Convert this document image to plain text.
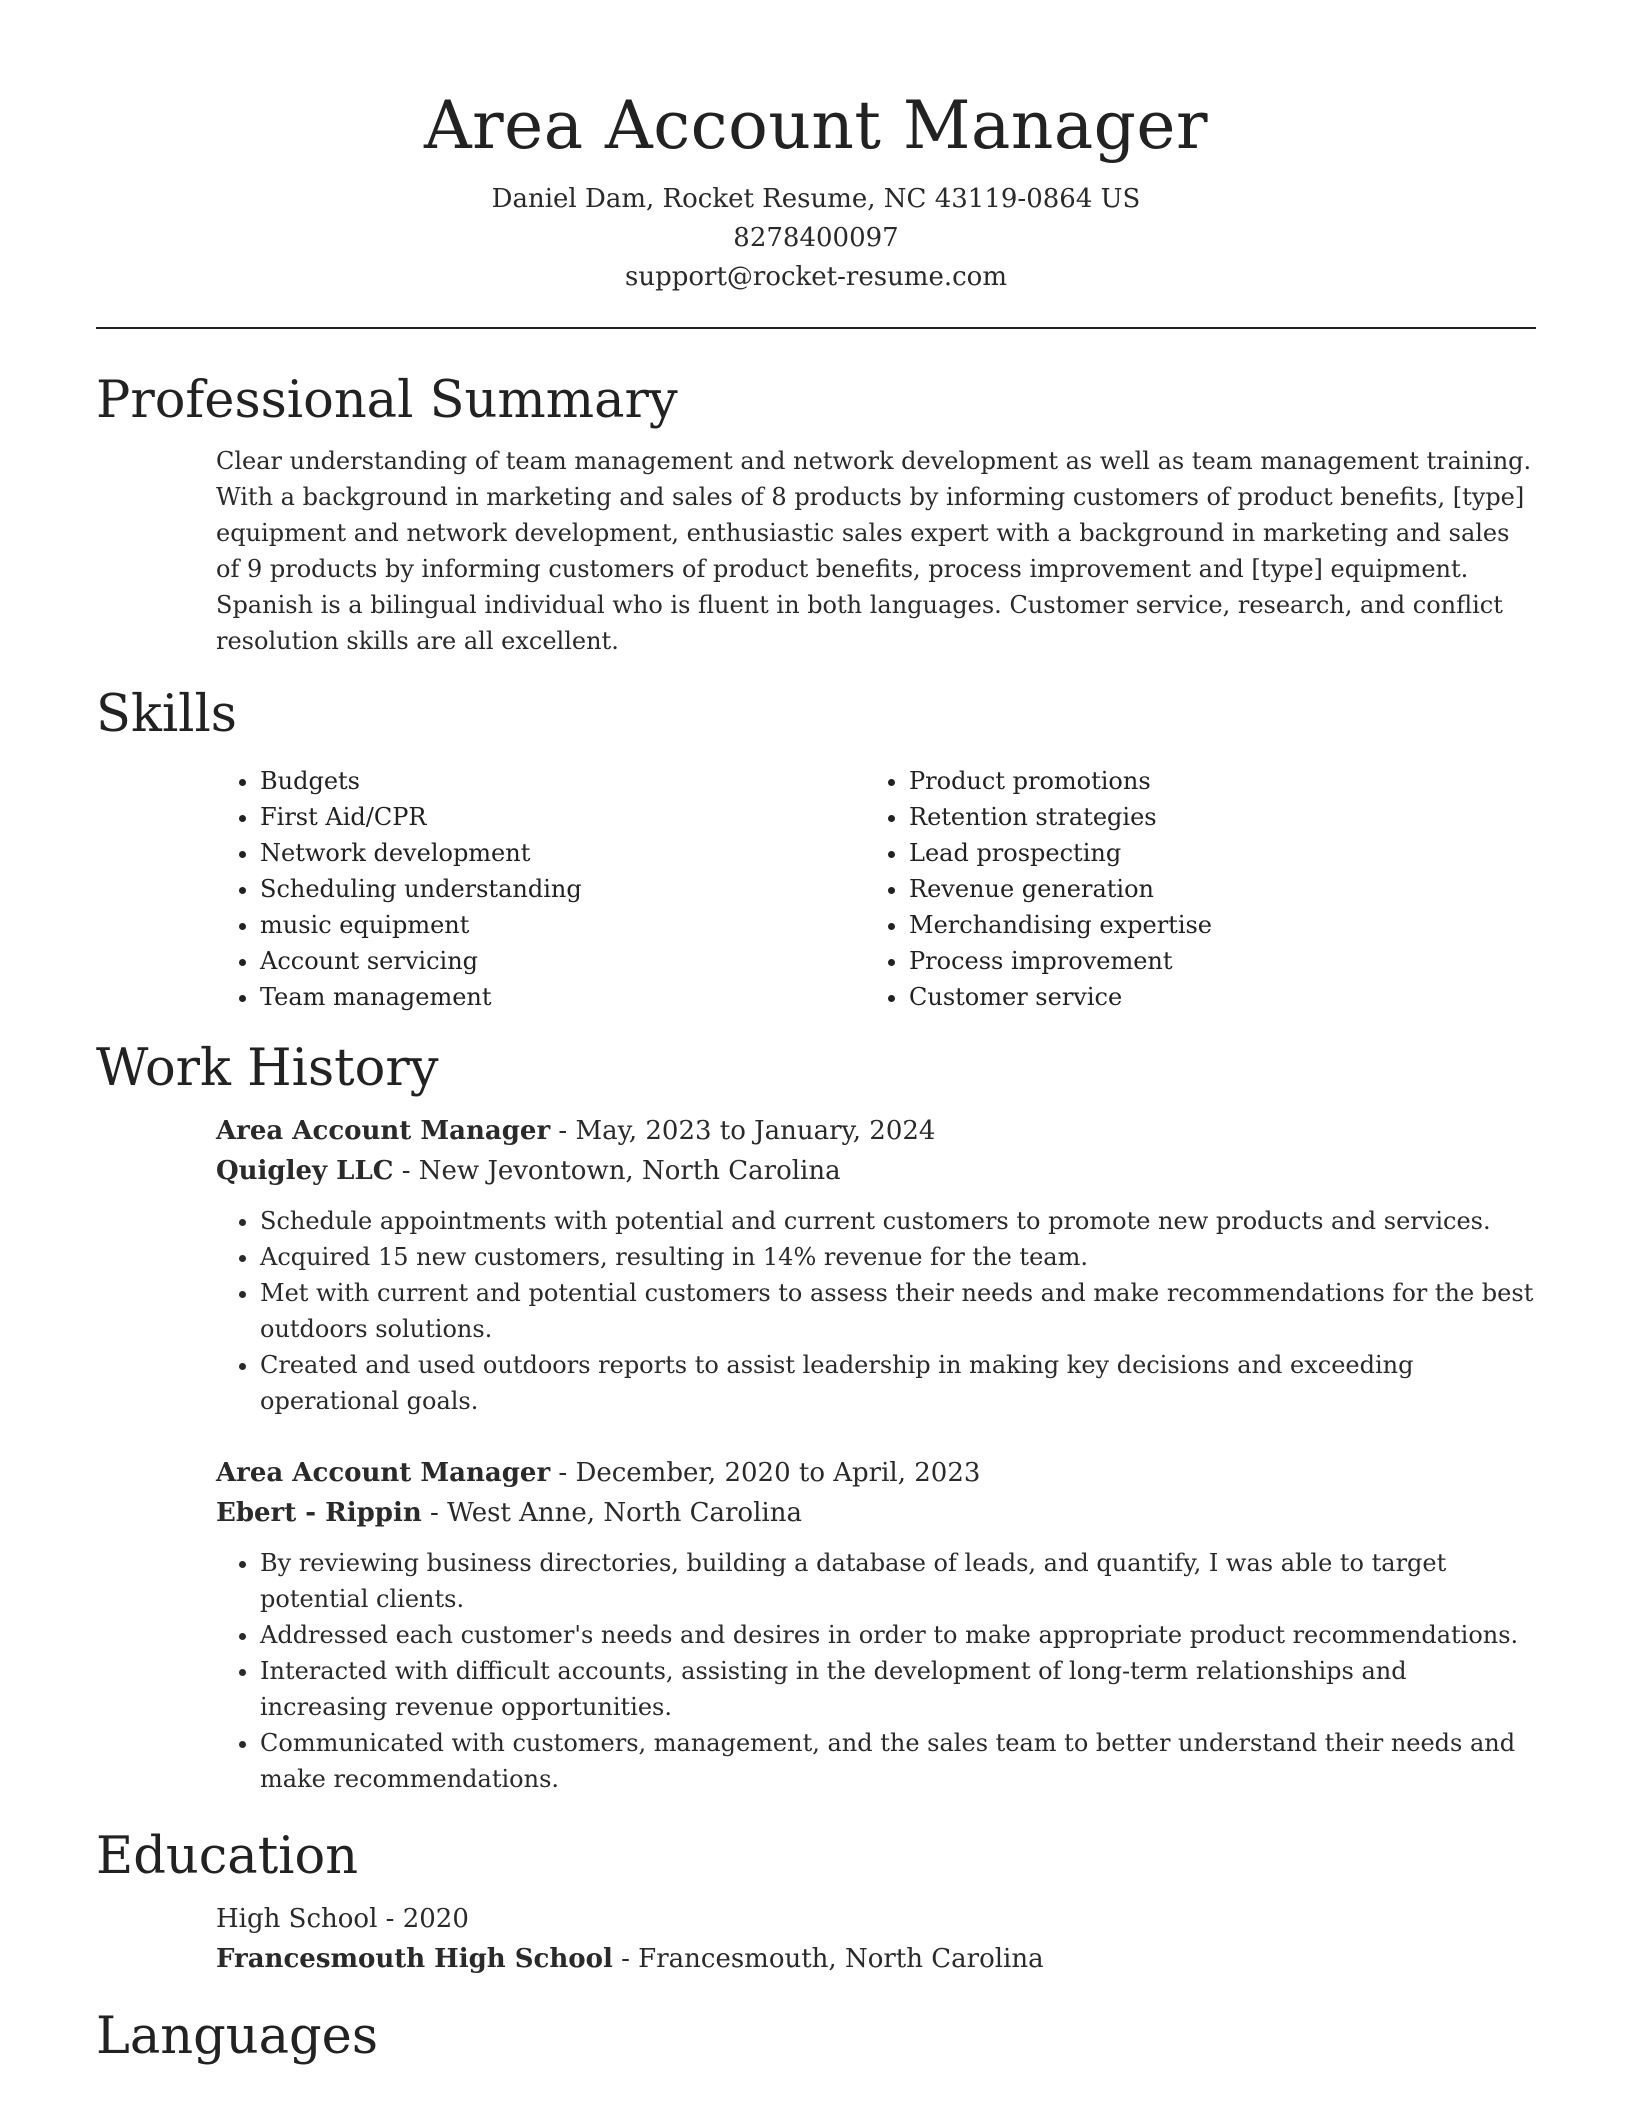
Area Account Manager
Daniel Dam, Rocket Resume, NC 43119-0864 US
8278400097
support@rocket-resume.com
Professional Summary
Clear understanding of team management and network development as well as team management training. With a background in marketing and sales of 8 products by informing customers of product benefits, [type] equipment and network development, enthusiastic sales expert with a background in marketing and sales of 9 products by informing customers of product benefits, process improvement and [type] equipment. Spanish is a bilingual individual who is fluent in both languages. Customer service, research, and conflict resolution skills are all excellent.
Skills
• Budgets
• First Aid/CPR
• Network development
• Scheduling understanding
• music equipment
• Account servicing
• Team management
• Product promotions
• Retention strategies
• Lead prospecting
• Revenue generation
• Merchandising expertise
• Process improvement
• Customer service
Work History
Area Account Manager - May, 2023 to January, 2024
Quigley LLC - New Jevontown, North Carolina
• Schedule appointments with potential and current customers to promote new products and services.
• Acquired 15 new customers, resulting in 14% revenue for the team.
• Met with current and potential customers to assess their needs and make recommendations for the best outdoors solutions.
• Created and used outdoors reports to assist leadership in making key decisions and exceeding operational goals.
Area Account Manager - December, 2020 to April, 2023
Ebert - Rippin - West Anne, North Carolina
• By reviewing business directories, building a database of leads, and quantify, I was able to target potential clients.
• Addressed each customer's needs and desires in order to make appropriate product recommendations.
• Interacted with difficult accounts, assisting in the development of long-term relationships and increasing revenue opportunities.
• Communicated with customers, management, and the sales team to better understand their needs and make recommendations.
Education
High School - 2020
Francesmouth High School - Francesmouth, North Carolina
Languages
